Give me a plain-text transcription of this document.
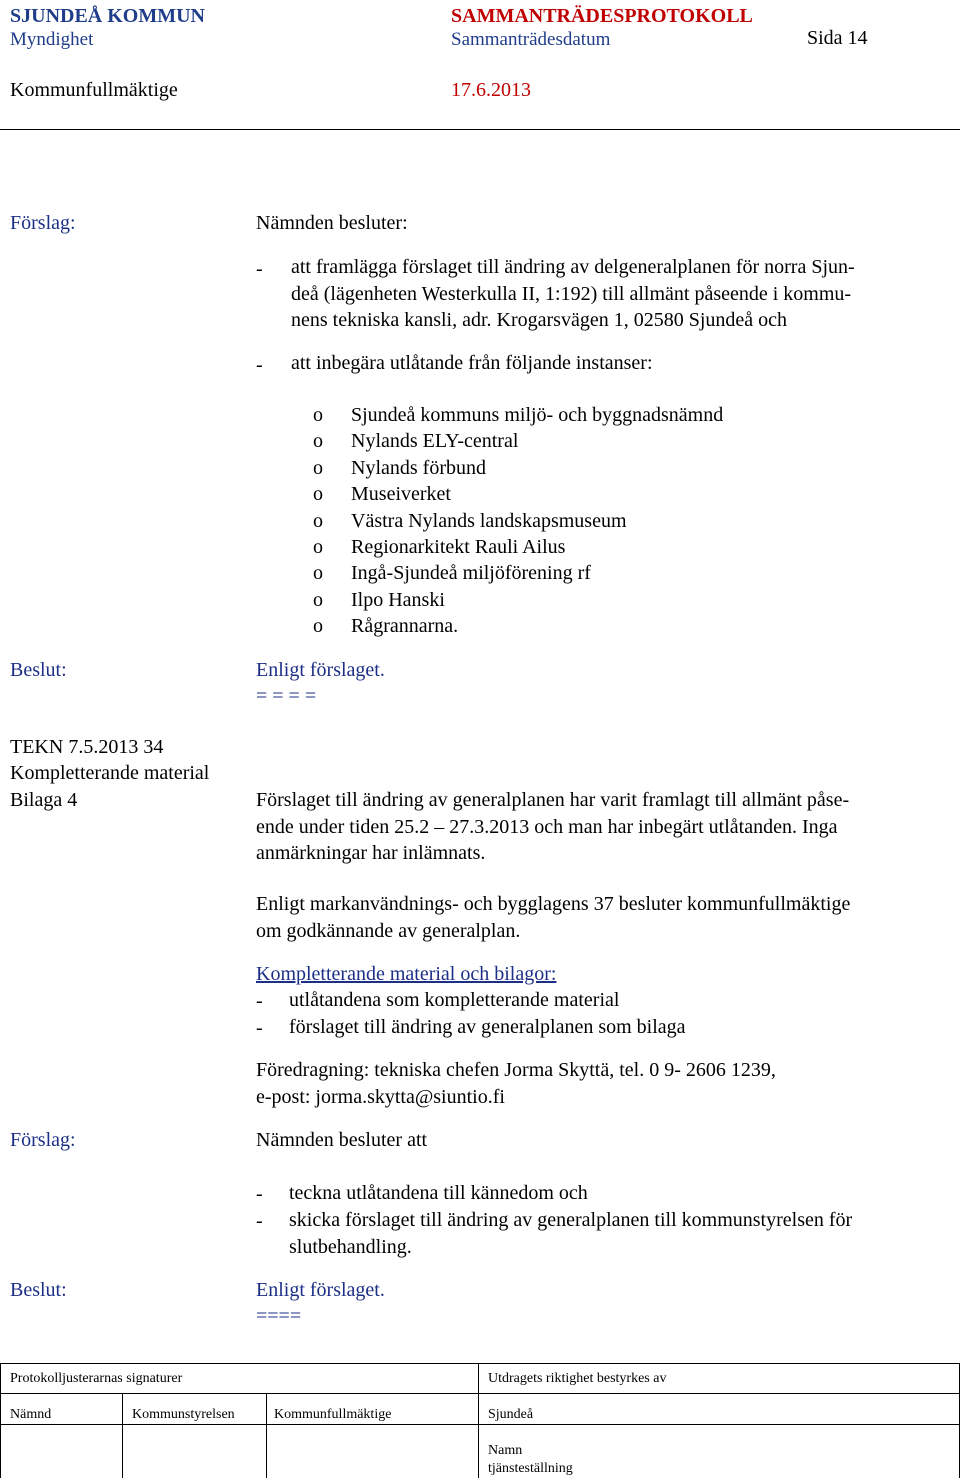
SJUNDEÅ KOMMUN	SAMMANTRÄDESPROTOKOLL
Myndighet	Sammanträdesdatum	Sida 14
Kommunfullmäktige	17.6.2013
Förslag:	Nämnden besluter:
- att framlägga förslaget till ändring av delgeneralplanen för norra Sjun-
deå (lägenheten Westerkulla II, 1:192) till allmänt påseende i kommu-
nens tekniska kansli, adr. Krogarsvägen 1, 02580 Sjundeå och
- att inbegära utlåtande från följande instanser:
o Sjundeå kommuns miljö- och byggnadsnämnd
o Nylands ELY-central
o Nylands förbund
o Museiverket
o Västra Nylands landskapsmuseum
o Regionarkitekt Rauli Ailus
o Ingå-Sjundeå miljöförening rf
o Ilpo Hanski
o Rågrannarna.
Beslut:	Enligt förslaget.
= = = =
TEKN 7.5.2013 34
Kompletterande material
Bilaga 4	Förslaget till ändring av generalplanen har varit framlagt till allmänt påse-
ende under tiden 25.2 – 27.3.2013 och man har inbegärt utlåtanden. Inga
anmärkningar har inlämnats.
Enligt markanvändnings- och bygglagens 37 besluter kommunfullmäktige
om godkännande av generalplan.
Kompletterande material och bilagor:
- utlåtandena som kompletterande material
- förslaget till ändring av generalplanen som bilaga
Föredragning: tekniska chefen Jorma Skyttä, tel. 0 9- 2606 1239,
e-post: jorma.skytta@siuntio.fi
Förslag:	Nämnden besluter att
- teckna utlåtandena till kännedom och
- skicka förslaget till ändring av generalplanen till kommunstyrelsen för
slutbehandling.
Beslut:	Enligt förslaget.
====
Protokolljusterarnas signaturer	Utdragets riktighet bestyrkes av
Nämnd	Kommunstyrelsen	Kommunfullmäktige	Sjundeå
Namn
tjänsteställning
